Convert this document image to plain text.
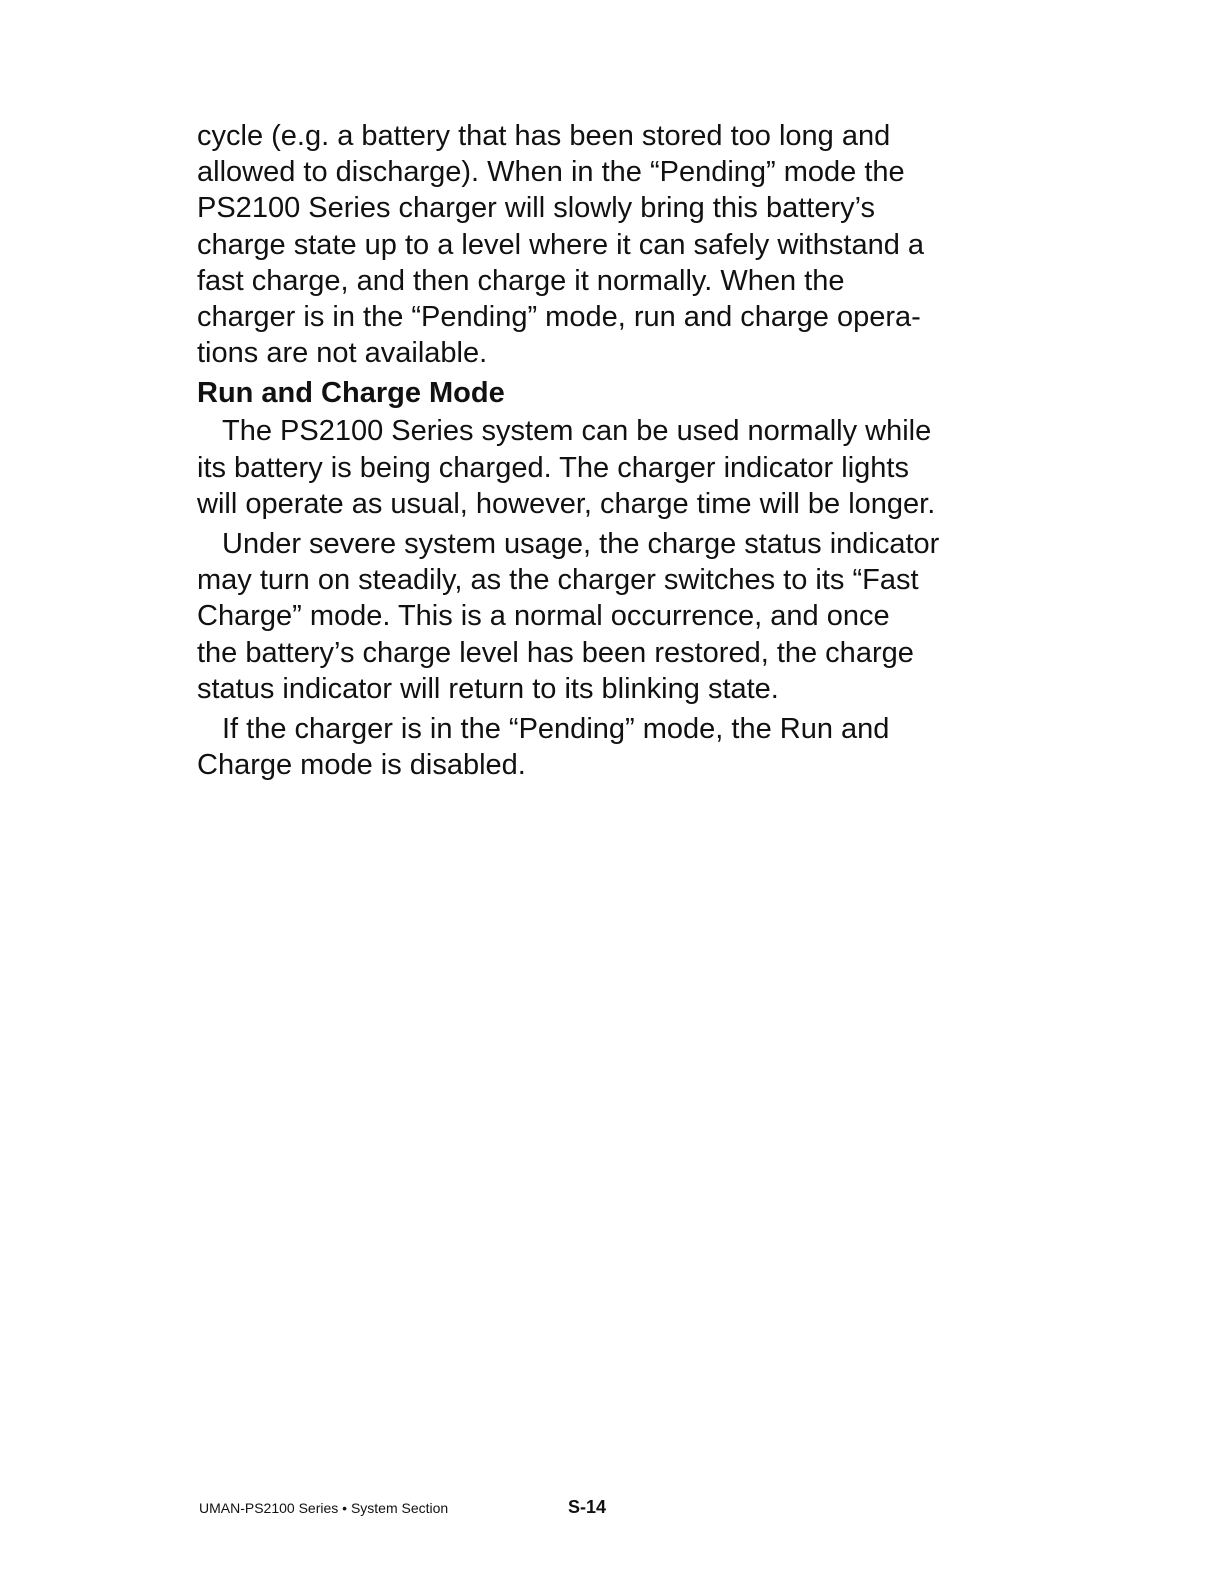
cycle (e.g. a battery that has been stored too long and
allowed to discharge). When in the “Pending” mode the
PS2100 Series charger will slowly bring this battery’s
charge state up to a level where it can safely withstand a
fast charge, and then charge it normally. When the
charger is in the “Pending” mode, run and charge opera-
tions are not available.
Run and Charge Mode
The PS2100 Series system can be used normally while
its battery is being charged. The charger indicator lights
will operate as usual, however, charge time will be longer.
Under severe system usage, the charge status indicator
may turn on steadily, as the charger switches to its “Fast
Charge” mode. This is a normal occurrence, and once
the battery’s charge level has been restored, the charge
status indicator will return to its blinking state.
If the charger is in the “Pending” mode, the Run and
Charge mode is disabled.
UMAN-PS2100 Series • System Section	S-14
